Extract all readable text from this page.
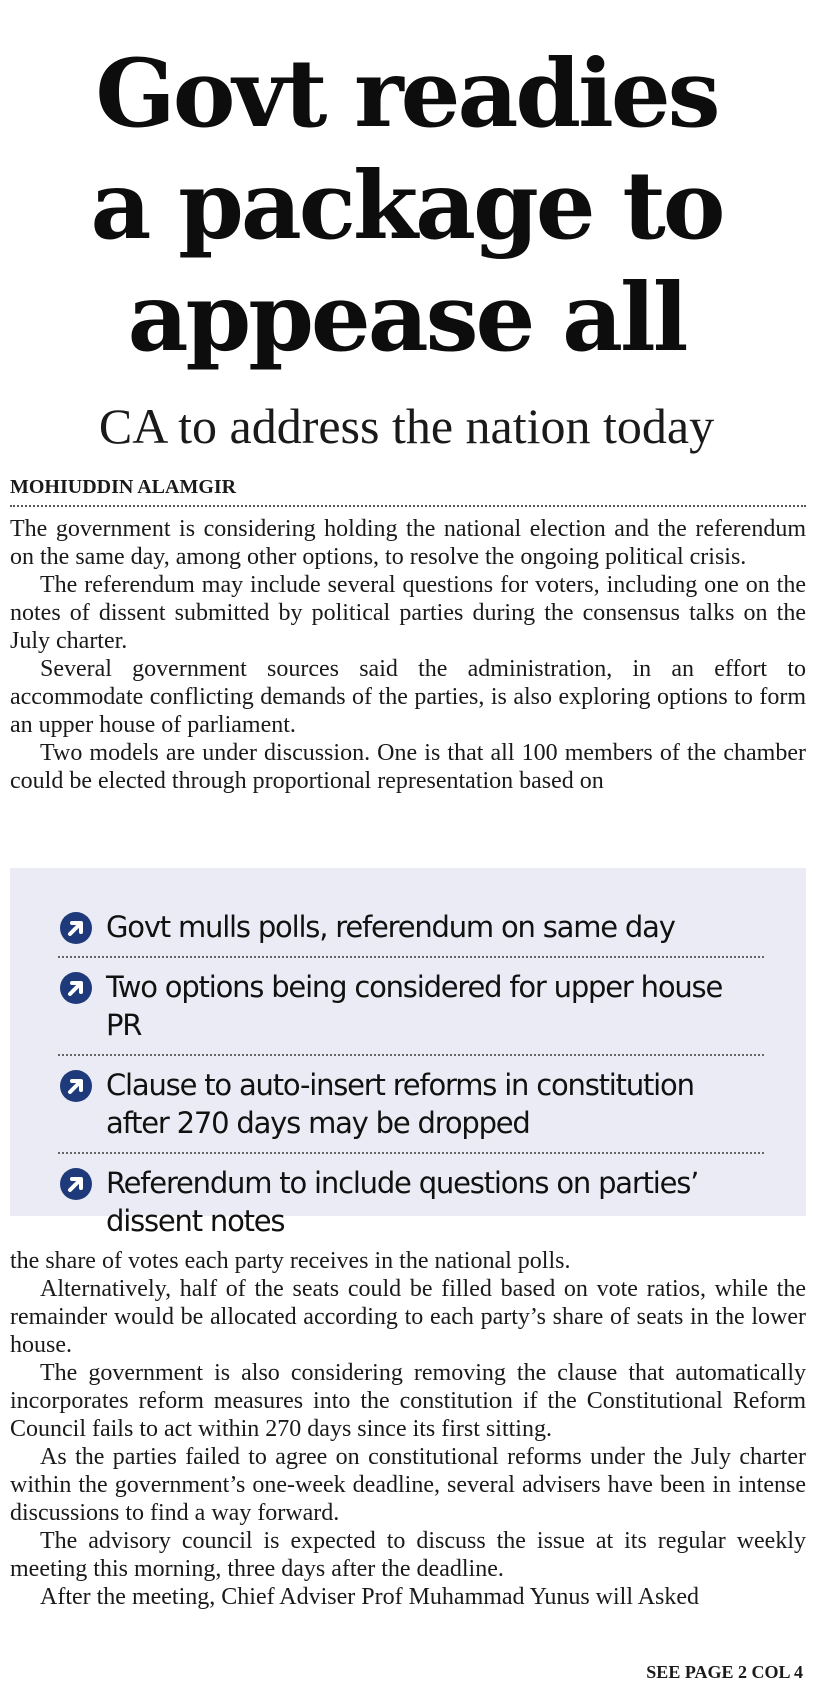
Govt readies
a package to
appease all
CA to address the nation today
MOHIUDDIN ALAMGIR

The government is considering holding the national election and the referendum on the same day, among other options, to resolve the ongoing political crisis.

The referendum may include several questions for voters, including one on the notes of dissent submitted by political parties during the consensus talks on the July charter.

Several government sources said the administration, in an effort to accommodate conflicting demands of the parties, is also exploring options to form an upper house of parliament.

Two models are under discussion. One is that all 100 members of the chamber could be elected through proportional representation based on

Govt mulls polls, referendum on same day
Two options being considered for upper house PR
Clause to auto-insert reforms in constitution after 270 days may be dropped
Referendum to include questions on parties’ dissent notes

the share of votes each party receives in the national polls.

Alternatively, half of the seats could be filled based on vote ratios, while the remainder would be allocated according to each party’s share of seats in the lower house.

The government is also considering removing the clause that automatically incorporates reform measures into the constitution if the Constitutional Reform Council fails to act within 270 days since its first sitting.

As the parties failed to agree on constitutional reforms under the July charter within the government’s one-week deadline, several advisers have been in intense discussions to find a way forward.

The advisory council is expected to discuss the issue at its regular weekly meeting this morning, three days after the deadline.

After the meeting, Chief Adviser Prof Muhammad Yunus will Asked

SEE PAGE 2 COL 4
